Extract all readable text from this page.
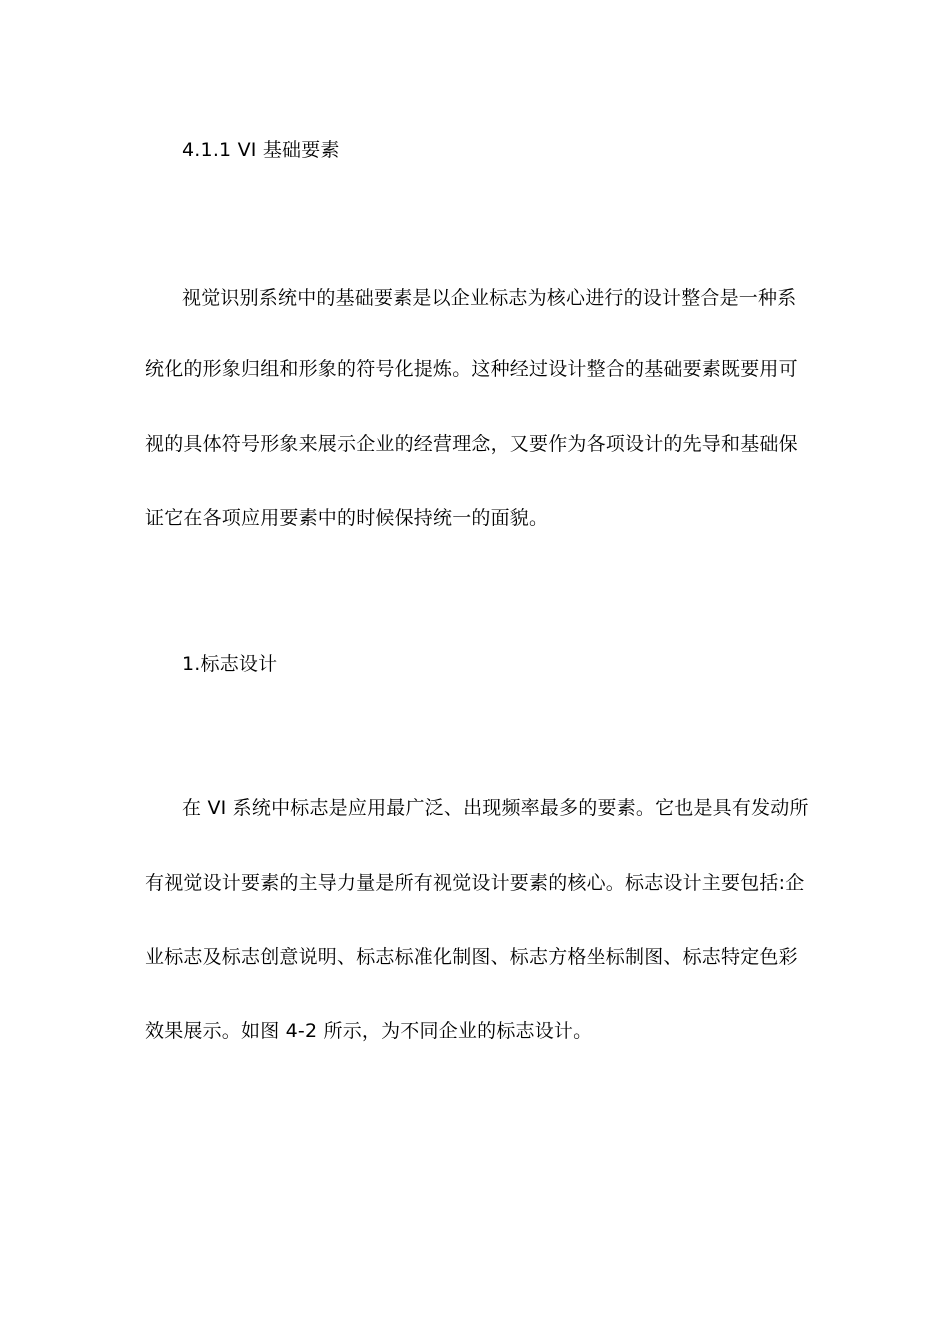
4.1.1 VI 基础要素
视觉识别系统中的基础要素是以企业标志为核心进行的设计整合是一种系
统化的形象归组和形象的符号化提炼。这种经过设计整合的基础要素既要用可
视的具体符号形象来展示企业的经营理念，又要作为各项设计的先导和基础保
证它在各项应用要素中的时候保持统一的面貌。
1.标志设计
在 VI 系统中标志是应用最广泛、出现频率最多的要素。它也是具有发动所
有视觉设计要素的主导力量是所有视觉设计要素的核心。标志设计主要包括:企
业标志及标志创意说明、标志标准化制图、标志方格坐标制图、标志特定色彩
效果展示。如图 4-2 所示，为不同企业的标志设计。
